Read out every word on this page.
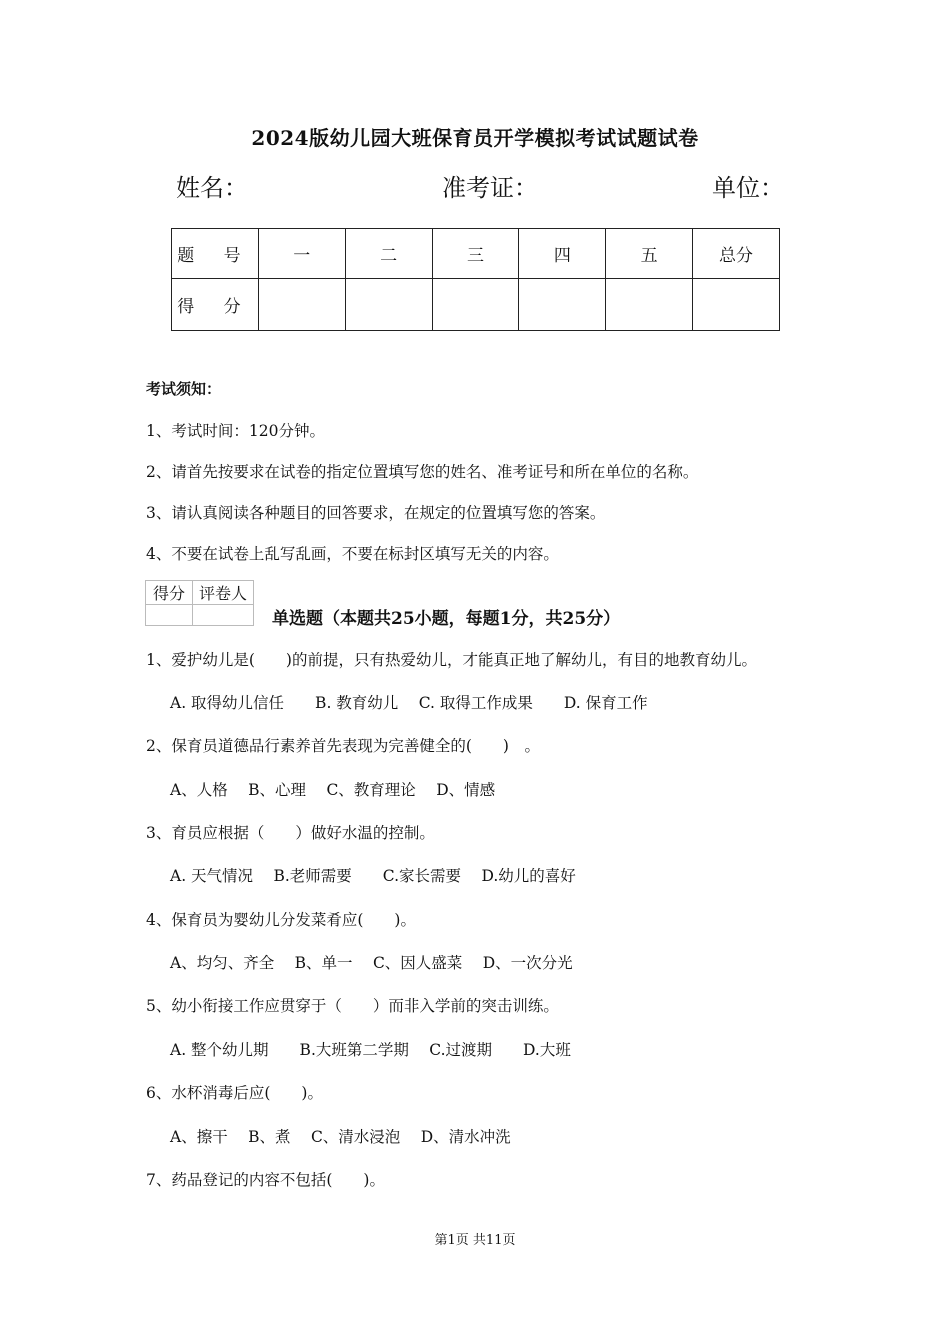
2024版幼儿园大班保育员开学模拟考试试题试卷
姓名：	准考证：	单位：
题 号	一	二	三	四	五	总分
得 分						
考试须知：
1、考试时间：120分钟。
2、请首先按要求在试卷的指定位置填写您的姓名、准考证号和所在单位的名称。
3、请认真阅读各种题目的回答要求，在规定的位置填写您的答案。
4、不要在试卷上乱写乱画，不要在标封区填写无关的内容。
得分	评卷人

单选题（本题共25小题，每题1分，共25分）
1、爱护幼儿是(　　)的前提，只有热爱幼儿，才能真正地了解幼儿，有目的地教育幼儿。
A. 取得幼儿信任　　B. 教育幼儿　 C. 取得工作成果　　D. 保育工作
2、保育员道德品行素养首先表现为完善健全的(　　)　。
A、人格　 B、心理　 C、教育理论　 D、情感
3、育员应根据（　　）做好水温的控制。
A. 天气情况　 B.老师需要　　C.家长需要　 D.幼儿的喜好
4、保育员为婴幼儿分发菜肴应(　　)。
A、均匀、齐全　 B、单一　 C、因人盛菜　 D、一次分光
5、幼小衔接工作应贯穿于（　　）而非入学前的突击训练。
A. 整个幼儿期　　B.大班第二学期　 C.过渡期　　D.大班
6、水杯消毒后应(　　)。
A、擦干　 B、煮　 C、清水浸泡　 D、清水冲洗
7、药品登记的内容不包括(　　)。
第1页 共11页
